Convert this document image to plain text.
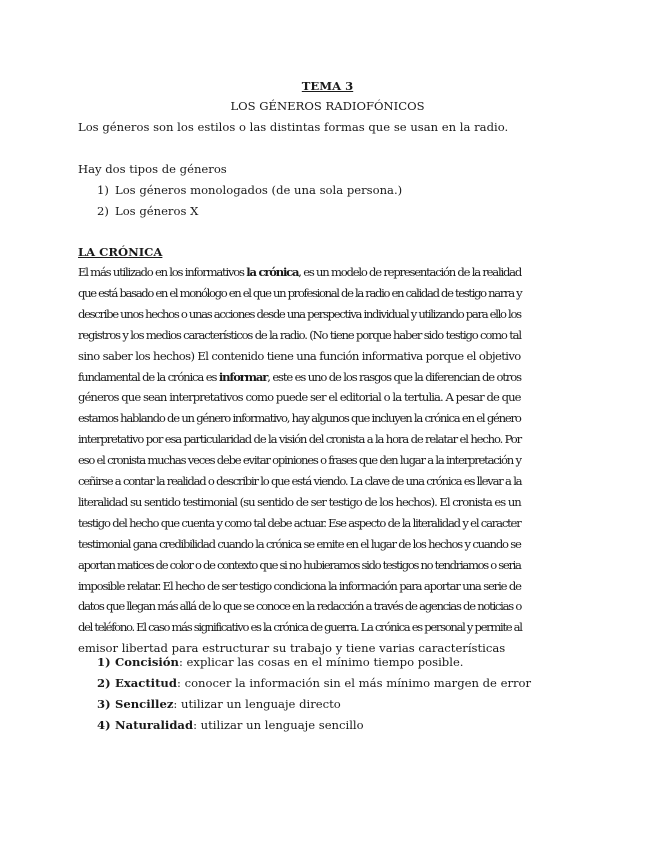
TEMA 3
LOS GÉNEROS RADIOFÓNICOS
Los géneros son los estilos o las distintas formas que se usan en la radio.
Hay dos tipos de géneros
1) Los géneros monologados (de una sola persona.)
2) Los géneros X
LA CRÓNICA
El más utilizado en los informativos la crónica, es un modelo de representación de la realidad
que está basado en el monólogo en el que un profesional de la radio en calidad de testigo narra y
describe unos hechos o unas acciones desde una perspectiva individual y utilizando para ello los
registros y los medios característicos de la radio. (No tiene porque haber sido testigo como tal
sino saber los hechos) El contenido tiene una función informativa porque el objetivo
fundamental de la crónica es informar, este es uno de los rasgos que la diferencian de otros
géneros que sean interpretativos como puede ser el editorial o la tertulia. A pesar de que
estamos hablando de un género informativo, hay algunos que incluyen la crónica en el género
interpretativo por esa particularidad de la visión del cronista a la hora de relatar el hecho. Por
eso el cronista muchas veces debe evitar opiniones o frases que den lugar a la interpretación y
ceñirse a contar la realidad o describir lo que está viendo. La clave de una crónica es llevar a la
literalidad su sentido testimonial (su sentido de ser testigo de los hechos). El cronista es un
testigo del hecho que cuenta y como tal debe actuar. Ese aspecto de la literalidad y el caracter
testimonial gana credibilidad cuando la crónica se emite en el lugar de los hechos y cuando se
aportan matices de color o de contexto que si no hubieramos sido testigos no tendriamos o seria
imposible relatar. El hecho de ser testigo condiciona la información para aportar una serie de
datos que llegan más allá de lo que se conoce en la redacción a través de agencias de noticias o
del teléfono. El caso más significativo es la crónica de guerra. La crónica es personal y permite al
emisor libertad para estructurar su trabajo y tiene varias características
1) Concisión: explicar las cosas en el mínimo tiempo posible.
2) Exactitud: conocer la información sin el más mínimo margen de error
3) Sencillez: utilizar un lenguaje directo
4) Naturalidad: utilizar un lenguaje sencillo
